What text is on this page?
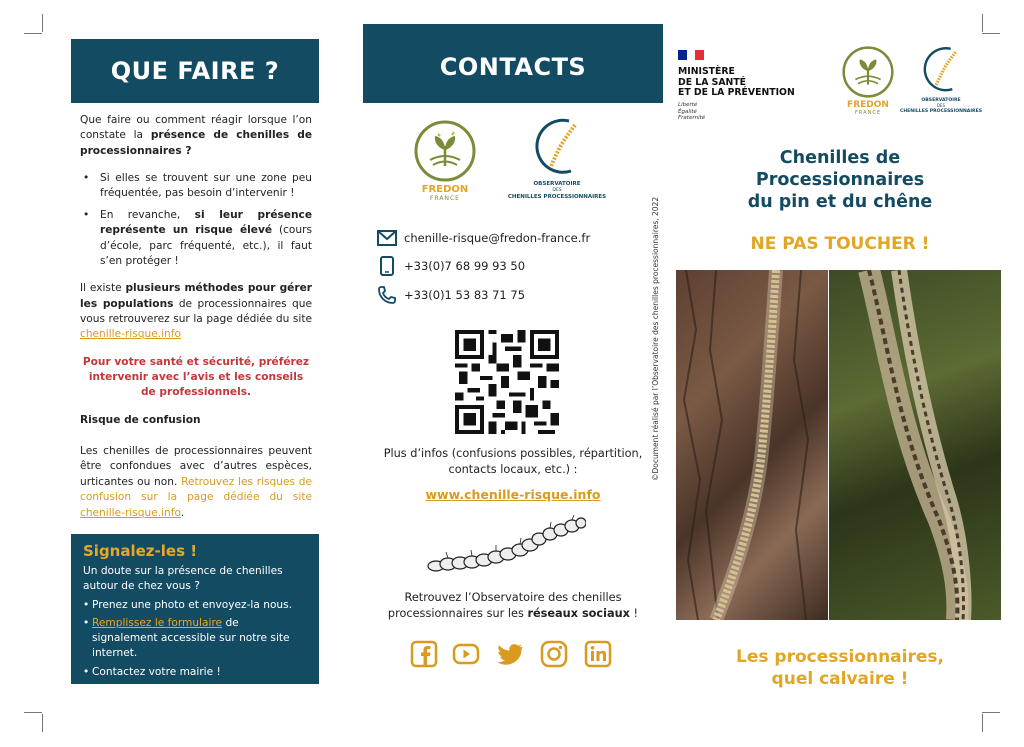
QUE FAIRE ?

Que faire ou comment réagir lorsque l’on constate la présence de chenilles de processionnaires ?

• Si elles se trouvent sur une zone peu fréquentée, pas besoin d’intervenir !
• En revanche, si leur présence représente un risque élevé (cours d’école, parc fréquenté, etc.), il faut s’en protéger !

Il existe plusieurs méthodes pour gérer les populations de processionnaires que vous retrouverez sur la page dédiée du site chenille-risque.info

Pour votre santé et sécurité, préférez intervenir avec l’avis et les conseils de professionnels.

Risque de confusion

Les chenilles de processionnaires peuvent être confondues avec d’autres espèces, urticantes ou non. Retrouvez les risques de confusion sur la page dédiée du site chenille-risque.info.

Signalez-les !

Un doute sur la présence de chenilles autour de chez vous ?

• Prenez une photo et envoyez-la nous.
• Remplissez le formulaire de signalement accessible sur notre site internet.
• Contactez votre mairie !
CONTACTS
FREDON
FRANCE
OBSERVATOIRE
DES
CHENILLES PROCESSIONNAIRES
chenille-risque@fredon-france.fr
+33(0)7 68 99 93 50
+33(0)1 53 83 71 75
Plus d’infos (confusions possibles, répartition, contacts locaux, etc.) :
www.chenille-risque.info
Retrouvez l’Observatoire des chenilles processionnaires sur les réseaux sociaux !
©Document réalisé par l’Observatoire des chenilles processionnaires, 2022
MINISTÈRE
DE LA SANTÉ
ET DE LA PRÉVENTION
Liberté
Égalité
Fraternité
FREDON
FRANCE
OBSERVATOIRE
DES
CHENILLES PROCESSIONNAIRES
Chenilles de
Processionnaires
du pin et du chêne
NE PAS TOUCHER !
Les processionnaires,
quel calvaire !
